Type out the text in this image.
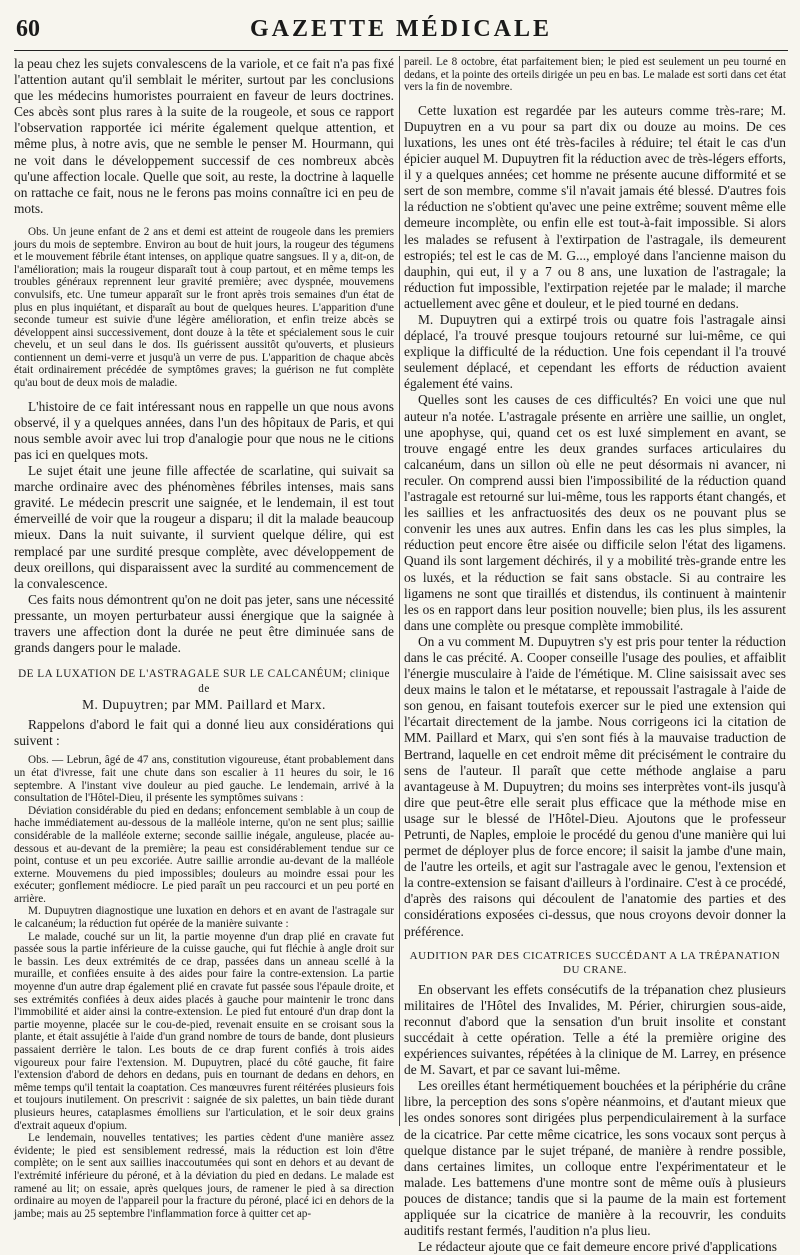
60	GAZETTE MÉDICALE

la peau chez les sujets convalescens de la variole, et ce fait n'a pas fixé l'attention autant qu'il semblait le mériter, surtout par les conclusions que les médecins humoristes pourraient en faveur de leurs doctrines. Ces abcès sont plus rares à la suite de la rougeole, et sous ce rapport l'observation rapportée ici mérite également quelque attention, et même plus, à notre avis, que ne semble le penser M. Hourmann, qui ne voit dans le développement successif de ces nombreux abcès qu'une affection locale. Quelle que soit, au reste, la doctrine à laquelle on rattache ce fait, nous ne le ferons pas moins connaître ici en peu de mots.

Obs. Un jeune enfant de 2 ans et demi est atteint de rougeole dans les premiers jours du mois de septembre. Environ au bout de huit jours, la rougeur des tégumens et le mouvement fébrile étant intenses, on applique quatre sangsues. Il y a, dit-on, de l'amélioration; mais la rougeur disparaît tout à coup partout, et en même temps les troubles généraux reprennent leur gravité première; avec dyspnée, mouvemens convulsifs, etc. Une tumeur apparaît sur le front après trois semaines d'un état de plus en plus inquiétant, et disparaît au bout de quelques heures. L'apparition d'une seconde tumeur est suivie d'une légère amélioration, et enfin treize abcès se développent ainsi successivement, dont douze à la tête et spécialement sous le cuir chevelu, et un seul dans le dos. Ils guérissent aussitôt qu'ouverts, et plusieurs contiennent un demi-verre et jusqu'à un verre de pus. L'apparition de chaque abcès était ordinairement précédée de symptômes graves; la guérison ne fut complète qu'au bout de deux mois de maladie.

L'histoire de ce fait intéressant nous en rappelle un que nous avons observé, il y a quelques années, dans l'un des hôpitaux de Paris, et qui nous semble avoir avec lui trop d'analogie pour que nous ne le citions pas ici en quelques mots.

Le sujet était une jeune fille affectée de scarlatine, qui suivait sa marche ordinaire avec des phénomènes fébriles intenses, mais sans gravité. Le médecin prescrit une saignée, et le lendemain, il est tout émerveillé de voir que la rougeur a disparu; il dit la malade beaucoup mieux. Dans la nuit suivante, il survient quelque délire, qui est remplacé par une surdité presque complète, avec développement de deux oreillons, qui disparaissent avec la surdité au commencement de la convalescence.

Ces faits nous démontrent qu'on ne doit pas jeter, sans une nécessité pressante, un moyen perturbateur aussi énergique que la saignée à travers une affection dont la durée ne peut être diminuée sans de grands dangers pour le malade.

DE LA LUXATION DE L'ASTRAGALE SUR LE CALCANÉUM; clinique de
M. Dupuytren; par MM. Paillard et Marx.

Rappelons d'abord le fait qui a donné lieu aux considérations qui suivent :

Obs. — Lebrun, âgé de 47 ans, constitution vigoureuse, étant probablement dans un état d'ivresse, fait une chute dans son escalier à 11 heures du soir, le 16 septembre. A l'instant vive douleur au pied gauche. Le lendemain, arrivé à la consultation de l'Hôtel-Dieu, il présente les symptômes suivans :

Déviation considérable du pied en dedans; enfoncement semblable à un coup de hache immédiatement au-dessous de la malléole interne, qu'on ne sent plus; saillie considérable de la malléole externe; seconde saillie inégale, anguleuse, placée au-dessous et au-devant de la première; la peau est considérablement tendue sur ce point, contuse et un peu excoriée. Autre saillie arrondie au-devant de la malléole externe. Mouvemens du pied impossibles; douleurs au moindre essai pour les exécuter; gonflement médiocre. Le pied paraît un peu raccourci et un peu porté en arrière.

M. Dupuytren diagnostique une luxation en dehors et en avant de l'astragale sur le calcanéum; la réduction fut opérée de la manière suivante :

Le malade, couché sur un lit, la partie moyenne d'un drap plié en cravate fut passée sous la partie inférieure de la cuisse gauche, qui fut fléchie à angle droit sur le bassin. Les deux extrémités de ce drap, passées dans un anneau scellé à la muraille, et confiées ensuite à des aides pour faire la contre-extension. La partie moyenne d'un autre drap également plié en cravate fut passée sous l'épaule droite, et ses extrémités confiées à deux aides placés à gauche pour maintenir le tronc dans l'immobilité et aider ainsi la contre-extension. Le pied fut entouré d'un drap dont la partie moyenne, placée sur le cou-de-pied, revenait ensuite en se croisant sous la plante, et était assujétie à l'aide d'un grand nombre de tours de bande, dont plusieurs passaient derrière le talon. Les bouts de ce drap furent confiés à trois aides vigoureux pour faire l'extension. M. Dupuytren, placé du côté gauche, fit faire l'extension d'abord de dehors en dedans, puis en tournant de dedans en dehors, en même temps qu'il tentait la coaptation. Ces manœuvres furent réitérées plusieurs fois et toujours inutilement. On prescrivit : saignée de six palettes, un bain tiède durant plusieurs heures, cataplasmes émolliens sur l'articulation, et le soir deux grains d'extrait aqueux d'opium.

Le lendemain, nouvelles tentatives; les parties cèdent d'une manière assez évidente; le pied est sensiblement redressé, mais la réduction est loin d'être complète; on le sent aux saillies inaccoutumées qui sont en dehors et au devant de l'extrémité inférieure du péroné, et à la déviation du pied en dedans. Le malade est ramené au lit; on essaie, après quelques jours, de ramener le pied à sa direction ordinaire au moyen de l'appareil pour la fracture du péroné, placé ici en dehors de la jambe; mais au 25 septembre l'inflammation force à quitter cet ap-

pareil. Le 8 octobre, état parfaitement bien; le pied est seulement un peu tourné en dedans, et la pointe des orteils dirigée un peu en bas. Le malade est sorti dans cet état vers la fin de novembre.

Cette luxation est regardée par les auteurs comme très-rare; M. Dupuytren en a vu pour sa part dix ou douze au moins. De ces luxations, les unes ont été très-faciles à réduire; tel était le cas d'un épicier auquel M. Dupuytren fit la réduction avec de très-légers efforts, il y a quelques années; cet homme ne présente aucune difformité et se sert de son membre, comme s'il n'avait jamais été blessé. D'autres fois la réduction ne s'obtient qu'avec une peine extrême; souvent même elle demeure incomplète, ou enfin elle est tout-à-fait impossible. Si alors les malades se refusent à l'extirpation de l'astragale, ils demeurent estropiés; tel est le cas de M. G..., employé dans l'ancienne maison du dauphin, qui eut, il y a 7 ou 8 ans, une luxation de l'astragale; la réduction fut impossible, l'extirpation rejetée par le malade; il marche actuellement avec gêne et douleur, et le pied tourné en dedans.

M. Dupuytren qui a extirpé trois ou quatre fois l'astragale ainsi déplacé, l'a trouvé presque toujours retourné sur lui-même, ce qui explique la difficulté de la réduction. Une fois cependant il l'a trouvé seulement déplacé, et cependant les efforts de réduction avaient également été vains.

Quelles sont les causes de ces difficultés? En voici une que nul auteur n'a notée. L'astragale présente en arrière une saillie, un onglet, une apophyse, qui, quand cet os est luxé simplement en avant, se trouve engagé entre les deux grandes surfaces articulaires du calcanéum, dans un sillon où elle ne peut désormais ni avancer, ni reculer. On comprend aussi bien l'impossibilité de la réduction quand l'astragale est retourné sur lui-même, tous les rapports étant changés, et les saillies et les anfractuosités des deux os ne pouvant plus se convenir les unes aux autres. Enfin dans les cas les plus simples, la réduction peut encore être aisée ou difficile selon l'état des ligamens. Quand ils sont largement déchirés, il y a mobilité très-grande entre les os luxés, et la réduction se fait sans obstacle. Si au contraire les ligamens ne sont que tiraillés et distendus, ils continuent à maintenir les os en rapport dans leur position nouvelle; bien plus, ils les assurent dans une complète ou presque complète immobilité.

On a vu comment M. Dupuytren s'y est pris pour tenter la réduction dans le cas précité. A. Cooper conseille l'usage des poulies, et affaiblit l'énergie musculaire à l'aide de l'émétique. M. Cline saisissait avec ses deux mains le talon et le métatarse, et repoussait l'astragale à l'aide de son genou, en faisant toutefois exercer sur le pied une extension qui l'écartait directement de la jambe. Nous corrigeons ici la citation de MM. Paillard et Marx, qui s'en sont fiés à la mauvaise traduction de Bertrand, laquelle en cet endroit même dit précisément le contraire du sens de l'auteur. Il paraît que cette méthode anglaise a paru avantageuse à M. Dupuytren; du moins ses interprètes vont-ils jusqu'à dire que peut-être elle serait plus efficace que la méthode mise en usage sur le blessé de l'Hôtel-Dieu. Ajoutons que le professeur Petrunti, de Naples, emploie le procédé du genou d'une manière qui lui permet de déployer plus de force encore; il saisit la jambe d'une main, de l'autre les orteils, et agit sur l'astragale avec le genou, l'extension et la contre-extension se faisant d'ailleurs à l'ordinaire. C'est à ce procédé, d'après des raisons qui découlent de l'anatomie des parties et des considérations exposées ci-dessus, que nous croyons devoir donner la préférence.

AUDITION PAR DES CICATRICES SUCCÉDANT A LA TRÉPANATION DU CRANE.

En observant les effets consécutifs de la trépanation chez plusieurs militaires de l'Hôtel des Invalides, M. Périer, chirurgien sous-aide, reconnut d'abord que la sensation d'un bruit insolite et constant succédait à cette opération. Telle a été la première origine des expériences suivantes, répétées à la clinique de M. Larrey, en présence de M. Savart, et par ce savant lui-même.

Les oreilles étant hermétiquement bouchées et la périphérie du crâne libre, la perception des sons s'opère néanmoins, et d'autant mieux que les ondes sonores sont dirigées plus perpendiculairement à la surface de la cicatrice. Par cette même cicatrice, les sons vocaux sont perçus à quelque distance par le sujet trépané, de manière à rendre possible, dans certaines limites, un colloque entre l'expérimentateur et le malade. Les battemens d'une montre sont de même ouïs à plusieurs pouces de distance; tandis que si la paume de la main est fortement appliquée sur la cicatrice de manière à la recouvrir, les conduits auditifs restant fermés, l'audition n'a plus lieu.

Le rédacteur ajoute que ce fait demeure encore privé d'applications
